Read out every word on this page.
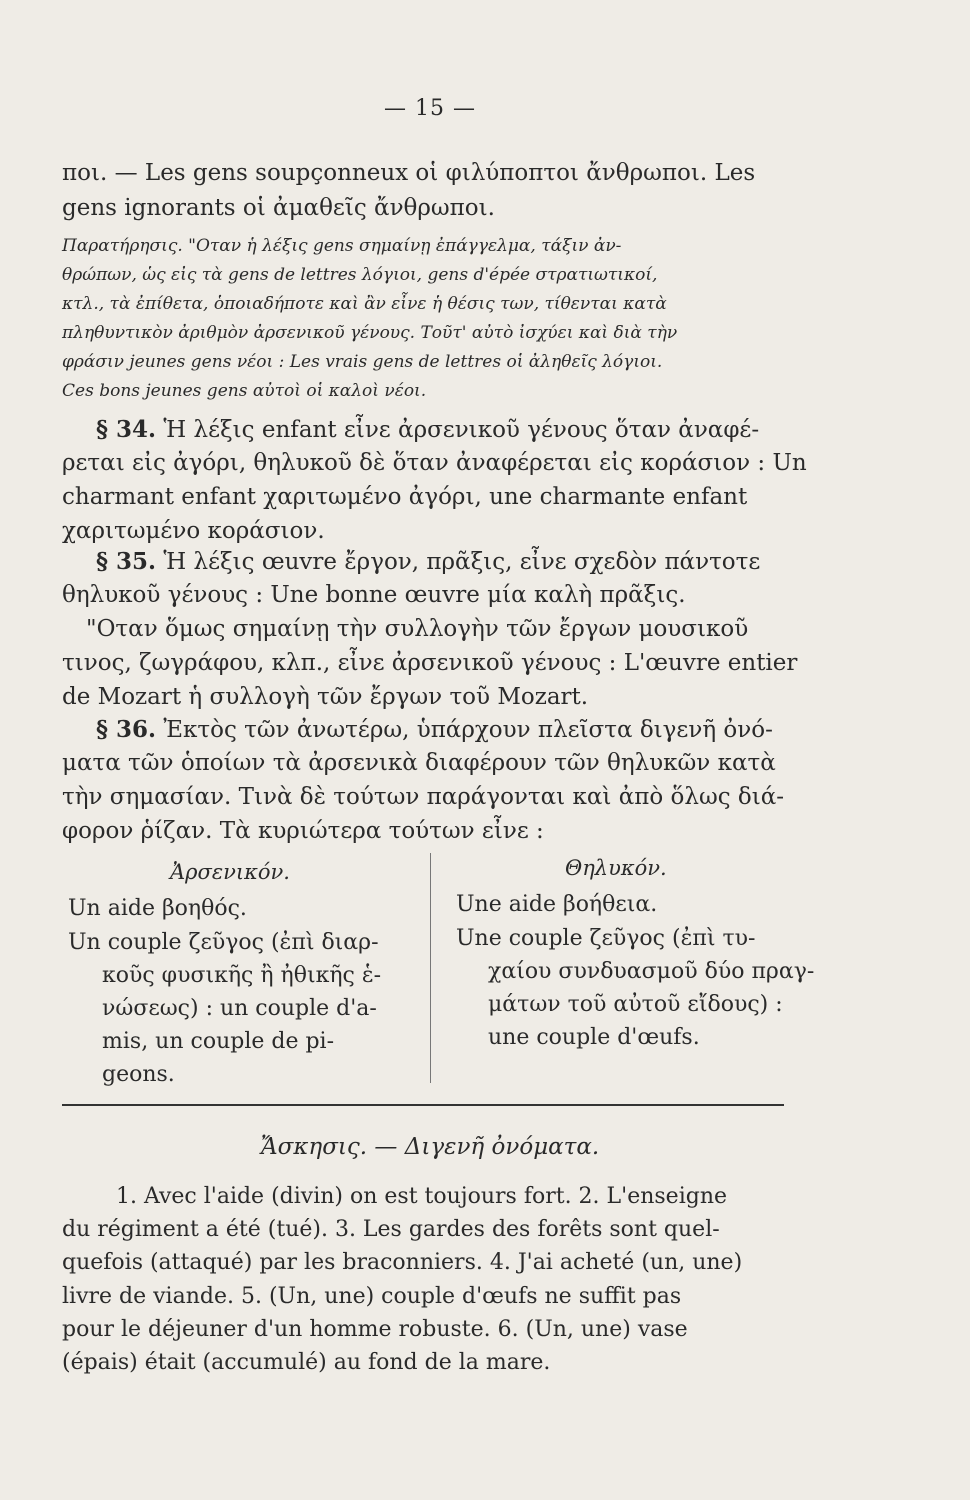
— 15 —
ποι. — Les gens soupçonneux οἱ φιλύποπτοι ἄνθρωποι. Les
gens ignorants οἱ ἀμαθεῖς ἄνθρωποι.
Παρατήρησις. "Οταν ἡ λέξις gens σημαίνῃ ἐπάγγελμα, τάξιν ἀν-
θρώπων, ὡς εἰς τὰ gens de lettres λόγιοι, gens d'épée στρατιωτικοί,
κτλ., τὰ ἐπίθετα, ὁποιαδήποτε καὶ ἂν εἶνε ἡ θέσις των, τίθενται κατὰ
πληθυντικὸν ἀριθμὸν ἀρσενικοῦ γένους. Τοῦτ' αὐτὸ ἰσχύει καὶ διὰ τὴν
φράσιν jeunes gens νέοι : Les vrais gens de lettres οἱ ἀληθεῖς λόγιοι.
Ces bons jeunes gens αὐτοὶ οἱ καλοὶ νέοι.
§ 34. Ἡ λέξις enfant εἶνε ἀρσενικοῦ γένους ὅταν ἀναφέ-
ρεται εἰς ἀγόρι, θηλυκοῦ δὲ ὅταν ἀναφέρεται εἰς κοράσιον : Un
charmant enfant χαριτωμένο ἀγόρι, une charmante enfant
χαριτωμένο κοράσιον.
§ 35. Ἡ λέξις œuvre ἔργον, πρᾶξις, εἶνε σχεδὸν πάντοτε
θηλυκοῦ γένους : Une bonne œuvre μία καλὴ πρᾶξις.
"Οταν ὅμως σημαίνῃ τὴν συλλογὴν τῶν ἔργων μουσικοῦ
τινος, ζωγράφου, κλπ., εἶνε ἀρσενικοῦ γένους : L'œuvre entier
de Mozart ἡ συλλογὴ τῶν ἔργων τοῦ Mozart.
§ 36. Ἐκτὸς τῶν ἀνωτέρω, ὑπάρχουν πλεῖστα διγενῆ ὀνό-
ματα τῶν ὁποίων τὰ ἀρσενικὰ διαφέρουν τῶν θηλυκῶν κατὰ
τὴν σημασίαν. Τινὰ δὲ τούτων παράγονται καὶ ἀπὸ ὅλως διά-
φορον ῥίζαν. Τὰ κυριώτερα τούτων εἶνε :
Ἀρσενικόν.	Θηλυκόν.
Un aide βοηθός.
Un couple ζεῦγος (ἐπὶ διαρ-
κοῦς φυσικῆς ἢ ἠθικῆς ἑ-
νώσεως) : un couple d'a-
mis, un couple de pi-
geons.
Une aide βοήθεια.
Une couple ζεῦγος (ἐπὶ τυ-
χαίου συνδυασμοῦ δύο πραγ-
μάτων τοῦ αὐτοῦ εἴδους) :
une couple d'œufs.
Ἄσκησις. — Διγενῆ ὀνόματα.
1. Avec l'aide (divin) on est toujours fort. 2. L'enseigne
du régiment a été (tué). 3. Les gardes des forêts sont quel-
quefois (attaqué) par les braconniers. 4. J'ai acheté (un, une)
livre de viande. 5. (Un, une) couple d'œufs ne suffit pas
pour le déjeuner d'un homme robuste. 6. (Un, une) vase
(épais) était (accumulé) au fond de la mare.
